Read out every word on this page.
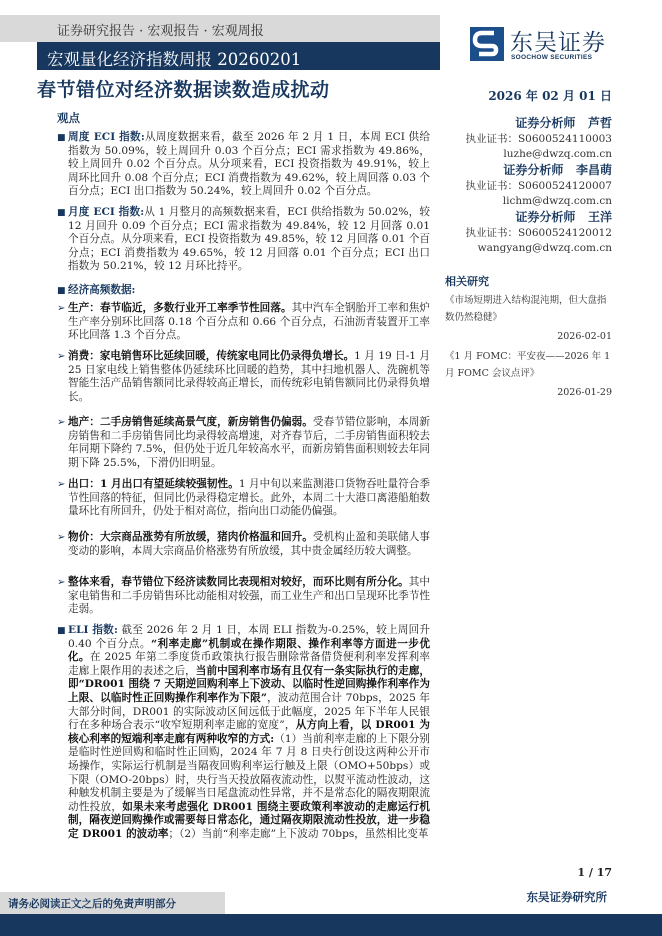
证券研究报告 · 宏观报告 · 宏观周报
宏观量化经济指数周报 20260201
春节错位对经济数据读数造成扰动
东吴证券
SOOCHOW SECURITIES
2026 年 02 月 01 日
观点
■ 周度 ECI 指数:从周度数据来看，截至 2026 年 2 月 1 日，本周 ECI 供给指数为 50.09%，较上周回升 0.03 个百分点；ECI 需求指数为 49.86%，较上周回升 0.02 个百分点。从分项来看，ECI 投资指数为 49.91%，较上周环比回升 0.08 个百分点；ECI 消费指数为 49.62%，较上周回落 0.03 个百分点；ECI 出口指数为 50.24%，较上周回升 0.02 个百分点。
■ 月度 ECI 指数:从 1 月整月的高频数据来看，ECI 供给指数为 50.02%，较 12 月回升 0.09 个百分点；ECI 需求指数为 49.84%，较 12 月回落 0.01 个百分点。从分项来看，ECI 投资指数为 49.85%，较 12 月回落 0.01 个百分点；ECI 消费指数为 49.65%，较 12 月回落 0.01 个百分点；ECI 出口指数为 50.21%，较 12 月环比持平。
■ 经济高频数据:
➢ 生产：春节临近，多数行业开工率季节性回落。其中汽车全钢胎开工率和焦炉生产率分别环比回落 0.18 个百分点和 0.66 个百分点，石油沥青装置开工率环比回落 1.3 个百分点。
➢ 消费：家电销售环比延续回暖，传统家电同比仍录得负增长。1 月 19 日-1 月 25 日家电线上销售整体仍延续环比回暖的趋势，其中扫地机器人、洗碗机等智能生活产品销售额同比录得较高正增长，而传统彩电销售额同比仍录得负增长。
➢ 地产：二手房销售延续高景气度，新房销售仍偏弱。受春节错位影响，本周新房销售和二手房销售同比均录得较高增速，对齐春节后，二手房销售面积较去年同期下降约 7.5%，但仍处于近几年较高水平，而新房销售面积则较去年同期下降 25.5%，下滑仍旧明显。
➢ 出口：1 月出口有望延续较强韧性。1 月中旬以来监测港口货物吞吐量符合季节性回落的特征，但同比仍录得稳定增长。此外，本周二十大港口离港船舶数量环比有所回升，仍处于相对高位，指向出口动能仍偏强。
➢ 物价：大宗商品涨势有所放缓，猪肉价格温和回升。受机构止盈和美联储人事变动的影响，本周大宗商品价格涨势有所放缓，其中贵金属经历较大调整。
➢ 整体来看，春节错位下经济读数同比表现相对较好，而环比则有所分化。其中家电销售和二手房销售环比动能相对较强，而工业生产和出口呈现环比季节性走弱。
■ ELI 指数: 截至 2026 年 2 月 1 日，本周 ELI 指数为-0.25%，较上周回升 0.40 个百分点。“利率走廊”机制或在操作期限、操作利率等方面进一步优化。在 2025 年第二季度货币政策执行报告删除常备借贷便利利率发挥利率走廊上限作用的表述之后，当前中国利率市场有且仅有一条实际执行的走廊，即“DR001 围绕 7 天期逆回购利率上下波动、以临时性逆回购操作利率作为上限、以临时性正回购操作利率作为下限”，波动范围合计 70bps，2025 年大部分时间，DR001 的实际波动区间远低于此幅度，2025 年下半年人民银行在多种场合表示“收窄短期利率走廊的宽度”，从方向上看，以 DR001 为核心利率的短端利率走廊有两种收窄的方式:（1）当前利率走廊的上下限分别是临时性逆回购和临时性正回购，2024 年 7 月 8 日央行创设这两种公开市场操作，实际运行机制是当隔夜回购利率运行触及上限（OMO+50bps）或下限（OMO-20bps）时，央行当天投放隔夜流动性，以熨平流动性波动，这种触发机制主要是为了缓解当日尾盘流动性异常，并不是常态化的隔夜期限流动性投放，如果未来考虑强化 DR001 围绕主要政策利率波动的走廊运行机制，隔夜逆回购操作或需要每日常态化，通过隔夜期限流动性投放，进一步稳定 DR001 的波动率；（2）当前“利率走廊”上下波动 70bps，虽然相比变革
证券分析师 芦哲
执业证书：S0600524110003
luzhe@dwzq.com.cn
证券分析师 李昌萌
执业证书：S0600524120007
lichm@dwzq.com.cn
证券分析师 王洋
执业证书：S0600524120012
wangyang@dwzq.com.cn
相关研究
《市场短期进入结构混沌期，但大盘指数仍然稳健》
2026-02-01
《1 月 FOMC：平安夜——2026 年 1 月 FOMC 会议点评》
2026-01-29
1 / 17
东吴证券研究所
请务必阅读正文之后的免责声明部分
